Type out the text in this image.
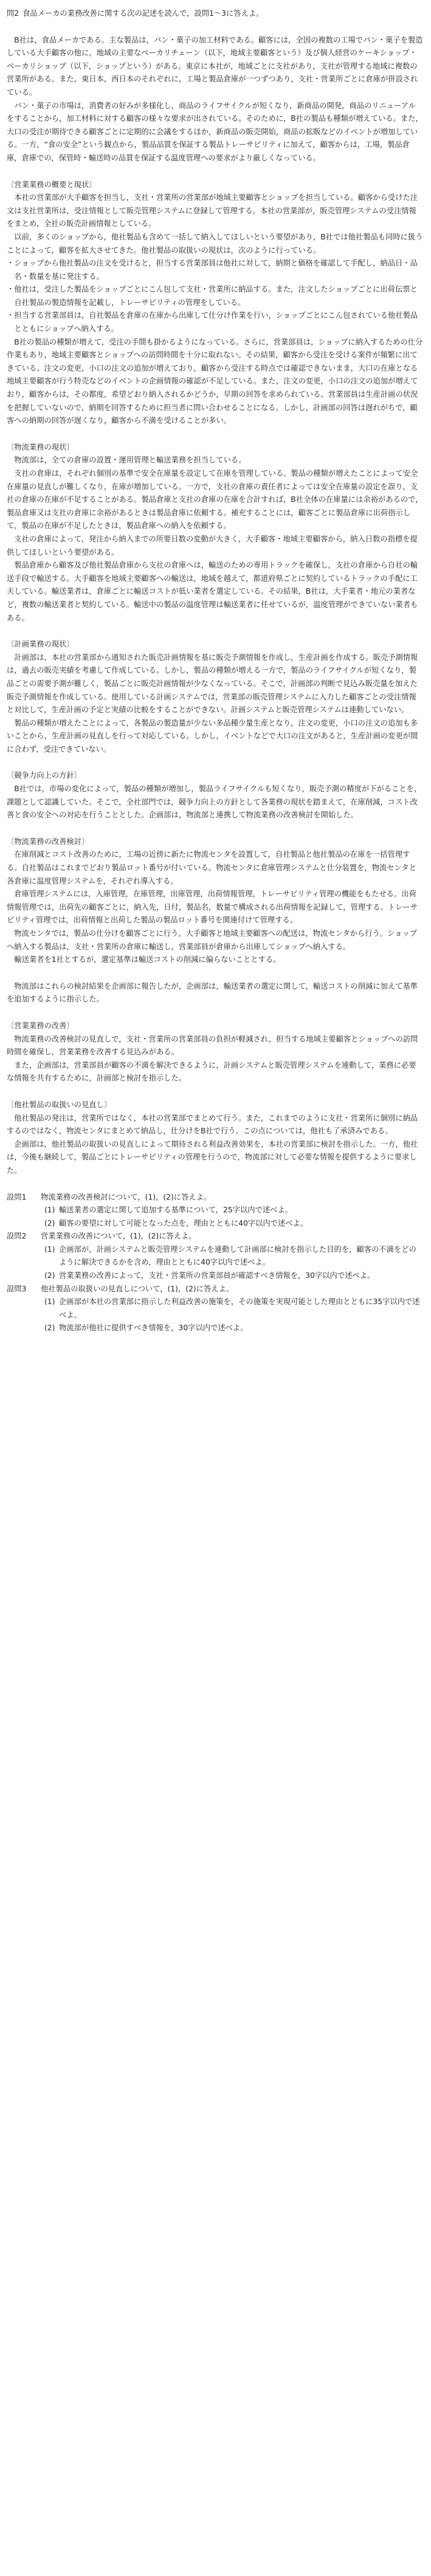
問2 食品メーカの業務改善に関する次の記述を読んで，設問1〜3に答えよ。

B社は，食品メーカである。主な製品は，パン・菓子の加工材料である。顧客には，全国の複数の工場でパン・菓子を製造している大手顧客の他に，地域の主要なベーカリチェーン（以下，地域主要顧客という）及び個人経営のケーキショップ・ベーカリショップ（以下，ショップという）がある。東京に本社が，地域ごとに支社があり，支社が管理する地域に複数の営業所がある。また，東日本，西日本のそれぞれに，工場と製品倉庫が一つずつあり，支社・営業所ごとに倉庫が併設されている。

パン・菓子の市場は，消費者の好みが多様化し，商品のライフサイクルが短くなり，新商品の開発，商品のリニューアルをすることから，加工材料に対する顧客の様々な要求が出されている。そのために，B社の製品も種類が増えている。また，大口の受注が期待できる顧客ごとに定期的に会議をするほか，新商品の販売開始，商品の拡販などのイベントが増加している。一方，“食の安全”という観点から，製品品質を保証する製品トレーサビリティに加えて，顧客からは，工場，製品倉庫，倉庫での，保管時・輸送時の品質を保証する温度管理への要求がより厳しくなっている。

〔営業業務の概要と現状〕

本社の営業部が大手顧客を担当し，支社・営業所の営業部が地域主要顧客とショップを担当している。顧客から受けた注文は支社営業所は，受注情報として販売管理システムに登録して管理する。本社の営業部が，販売管理システムの受注情報をまとめ，全社の販売計画情報としている。

以前，多くのショップから，他社製品も含めて一括して納入してほしいという要望があり，B社では他社製品も同時に扱うことによって，顧客を拡大させてきた。他社製品の取扱いの現状は，次のように行っている。

・ ショップから他社製品の注文を受けると，担当する営業部員は他社に対して，納期と価格を確認して手配し，納品日・品名・数量を基に発注する。
・ 他社は，受注した製品をショップごとにこん包して支社・営業所に納品する。また，注文したショップごとに出荷伝票と自社製品の製造情報を記載し，トレーサビリティの管理をしている。
・ 担当する営業部員は，自社製品を倉庫の在庫から出庫して仕分け作業を行い，ショップごとにこん包されている他社製品とともにショップへ納入する。

B社の製品の種類が増えて，受注の手間も掛かるようになっている。さらに，営業部員は，ショップに納入するための仕分作業もあり，地域主要顧客とショップへの訪問時間を十分に取れない。その結果，顧客から受注を受ける案件が頻繁に出てきている。注文の変更，小口の注文の追加が増えており，顧客から受注する時点では確認できないまま，大口の在庫となる地域主要顧客が行う特売などのイベントの企画情報の確認が不足している。また，注文の変更，小口の注文の追加が増えており，顧客からは，その都度，希望どおり納入されるかどうか，早期の回答を求められている。営業部員は生産計画の状況を把握していないので，納期を回答するために担当者に問い合わせることになる。しかし，計画部の回答は遅れがちで，顧客への納期の回答が遅くなり，顧客から不満を受けることが多い。

〔物流業務の現状〕

物流部は，全ての倉庫の設置・運用管理と輸送業務を担当している。

支社の倉庫は，それぞれ個別の基準で安全在庫量を設定して在庫を管理している。製品の種類が増えたことによって安全在庫量の見直しが難しくなり，在庫が増加している。一方で，支社の倉庫の責任者によっては安全在庫量の設定を誤り，支社の倉庫の在庫が不足することがある。製品倉庫と支社の倉庫の在庫を合計すれば，B社全体の在庫量には余裕があるので，製品倉庫又は支社の倉庫に余裕があるときは製品倉庫に依頼する。補充することには，顧客ごとに製品倉庫に出荷指示して，製品の在庫が不足したときは，製品倉庫への納入を依頼する。

支社の倉庫によって，発注から納入までの所要日数の変動が大きく，大手顧客・地域主要顧客から，納入日数の指標を提供してほしいという要望がある。

製品倉庫から顧客及び他社製品倉庫から支社の倉庫へは，輸送のための専用トラックを確保し，支社の倉庫から自社の輸送手段で輸送する。大手顧客を地域主要顧客への輸送は，地域を越えて，都道府県ごとに契約しているトラックの手配に工夫している。輸送業者は，倉庫ごとに輸送コストが低い業者を選定している。その結果，B社は，大手業者・地元の業者など，複数の輸送業者と契約している。輸送中の製品の温度管理は輸送業者に任せているが，温度管理ができていない業者もある。

〔計画業務の現状〕

計画部は，本社の営業部から通知された販売計画情報を基に販売予測情報を作成し，生産計画を作成する。販売予測情報は，過去の販売実績を考慮して作成している。しかし，製品の種類が増える一方で，製品のライフサイクルが短くなり，製品ごとの需要予測が難しく，製品ごとに販売計画情報が少なくなっている。そこで，計画部の判断で見込み販売量を加えた販売予測情報を作成している。使用している計画システムでは，営業部の販売管理システムに入力した顧客ごとの受注情報と対比して，生産計画の予定と実績の比較をすることができない。計画システムと販売管理システムは連動していない。

製品の種類が増えたことによって，各製品の製造量が少ない多品種少量生産となり，注文の変更，小口の注文の追加も多いことから，生産計画の見直しを行って対応している。しかし，イベントなどで大口の注文があると，生産計画の変更が間に合わず，受注できていない。

〔競争力向上の方針〕

B社では，市場の変化によって，製品の種類が増加し，製品ライフサイクルも短くなり，販売予測の精度が下がることを，課題として認識していた。そこで，全社部門では，競争力向上の方針として各業務の現状を踏まえて，在庫削減，コスト改善と食の安全への対応を行うこととした。企画部は，物流部と連携して物流業務の改善検討を開始した。

〔物流業務の改善検討〕

在庫削減とコスト改善のために，工場の近傍に新たに物流センタを設置して，自社製品と他社製品の在庫を一括管理する。自社製品はこれまでどおり製品ロット番号が付いている。物流センタに倉庫管理システムと仕分装置を，物流センタと各倉庫に温度管理システムを，それぞれ導入する。

倉庫管理システムには，入庫管理，在庫管理，出庫管理，出荷情報管理，トレーサビリティ管理の機能をもたせる。出荷情報管理では，出荷先の顧客ごとに，納入先，日付，製品名，数量で構成される出荷情報を記録して，管理する。トレーサビリティ管理では，出荷情報と出荷した製品の製品ロット番号を関連付けて管理する。

物流センタでは，製品の仕分けを顧客ごとに行う。大手顧客と地域主要顧客への配送は，物流センタから行う。ショップへ納入する製品は，支社・営業所の倉庫に輸送し，営業部員が倉庫から出庫してショップへ納入する。

輸送業者を1社とするが，選定基準は輸送コストの削減に偏らないこととする。

物流部はこれらの検討結果を企画部に報告したが，企画部は，輸送業者の選定に関して，輸送コストの削減に加えて基準を追加するように指示した。

〔営業業務の改善〕

物流業務の改善検討の見直しで，支社・営業所の営業部員の負担が軽減され，担当する地域主要顧客とショップへの訪問時間を確保し，営業業務を改善する見込みがある。

また，企画部は，営業部員が顧客の不満を解決できるように，計画システムと販売管理システムを連動して，業務に必要な情報を共有するために，計画部と検討を指示した。

〔他社製品の取扱いの見直し〕

他社製品の発注は，営業所ではなく，本社の営業部でまとめて行う。また，これまでのように支社・営業所に個別に納品するのではなく，物流センタにまとめて納品し，仕分けをB社で行う。この点については，他社も了承済みである。

企画部は，他社製品の取扱いの見直しによって期待される利益改善効果を，本社の営業部に検討を指示した。一方，他社は，今後も継続して，製品ごとにトレーサビリティの管理を行うので，物流部に対して必要な情報を提供するように要求した。

設問1	物流業務の改善検討について，(1)，(2)に答えよ。

(1) 輸送業者の選定に関して追加する基準について，25字以内で述べよ。
(2) 顧客の要望に対して可能となった点を，理由とともに40字以内で述べよ。
設問2	営業業務の改善について，(1)，(2)に答えよ。

(1) 企画部が，計画システムと販売管理システムを連動して計画部に検討を指示した目的を，顧客の不満をどのように解決できるかを含め，理由とともに40字以内で述べよ。
(2) 営業業務の改善によって，支社・営業所の営業部員が確認すべき情報を，30字以内で述べよ。
設問3	他社製品の取扱いの見直しについて，(1)，(2)に答えよ。

(1) 企画部が本社の営業部に指示した利益改善の施策を，その施策を実現可能とした理由とともに35字以内で述べよ。
(2) 物流部が他社に提供すべき情報を，30字以内で述べよ。
